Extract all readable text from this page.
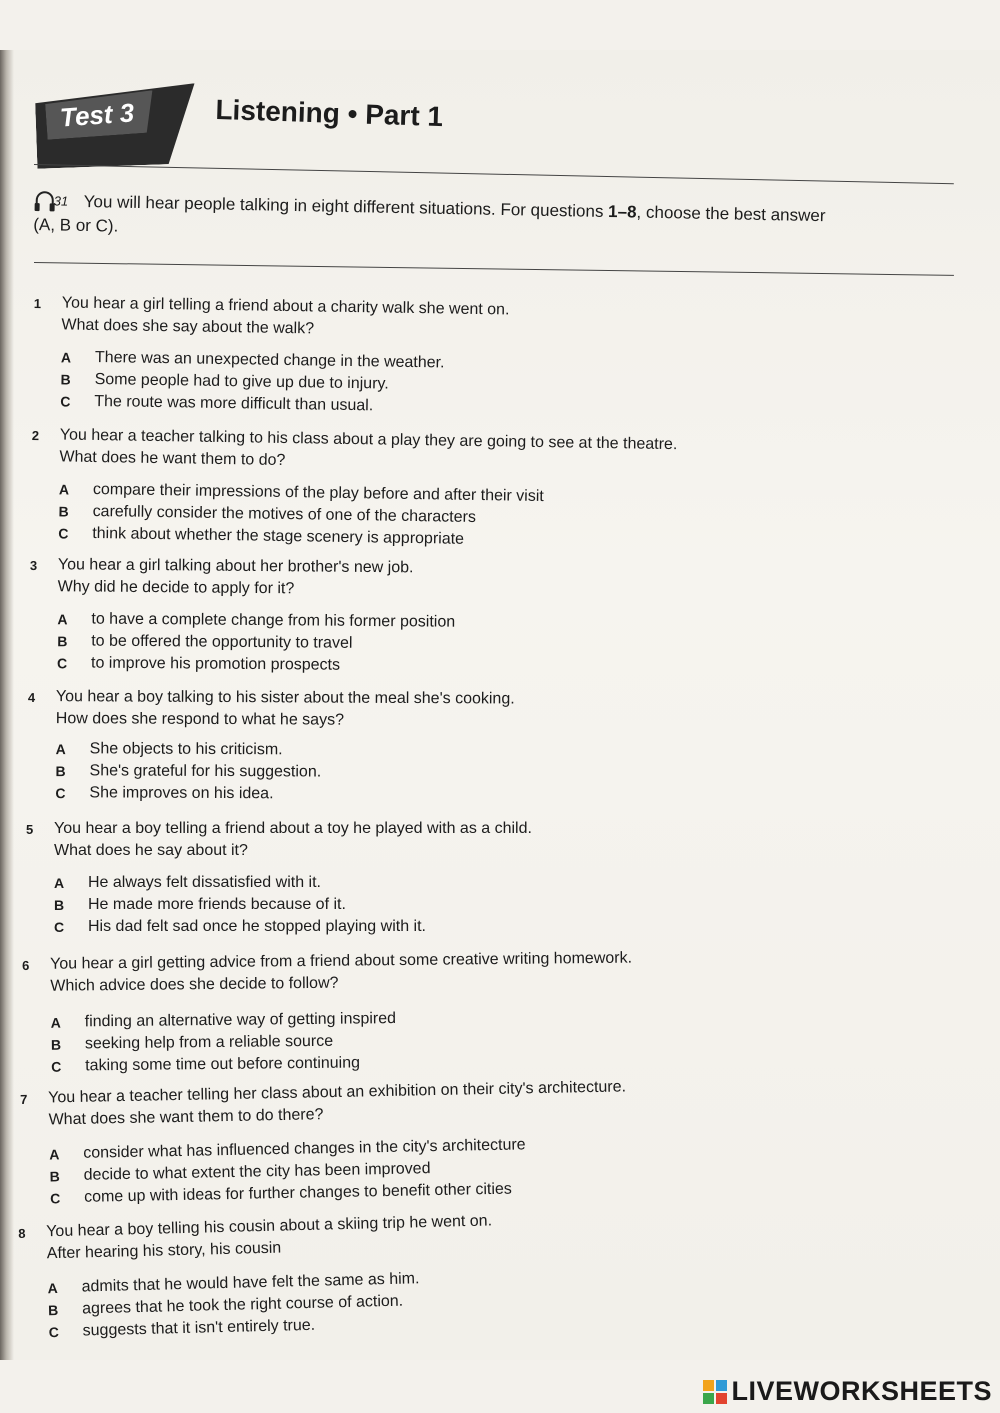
Test 3	Listening • Part 1
31 You will hear people talking in eight different situations. For questions 1–8, choose the best answer
(A, B or C).
1 You hear a girl telling a friend about a charity walk she went on.
What does she say about the walk?
A	There was an unexpected change in the weather.
B	Some people had to give up due to injury.
C	The route was more difficult than usual.
2 You hear a teacher talking to his class about a play they are going to see at the theatre.
What does he want them to do?
A	compare their impressions of the play before and after their visit
B	carefully consider the motives of one of the characters
C	think about whether the stage scenery is appropriate
3 You hear a girl talking about her brother's new job.
Why did he decide to apply for it?
A	to have a complete change from his former position
B	to be offered the opportunity to travel
C	to improve his promotion prospects
4 You hear a boy talking to his sister about the meal she's cooking.
How does she respond to what he says?
A	She objects to his criticism.
B	She's grateful for his suggestion.
C	She improves on his idea.
5 You hear a boy telling a friend about a toy he played with as a child.
What does he say about it?
A	He always felt dissatisfied with it.
B	He made more friends because of it.
C	His dad felt sad once he stopped playing with it.
6 You hear a girl getting advice from a friend about some creative writing homework.
Which advice does she decide to follow?
A	finding an alternative way of getting inspired
B	seeking help from a reliable source
C	taking some time out before continuing
7 You hear a teacher telling her class about an exhibition on their city's architecture.
What does she want them to do there?
A	consider what has influenced changes in the city's architecture
B	decide to what extent the city has been improved
C	come up with ideas for further changes to benefit other cities
8 You hear a boy telling his cousin about a skiing trip he went on.
After hearing his story, his cousin
A	admits that he would have felt the same as him.
B	agrees that he took the right course of action.
C	suggests that it isn't entirely true.
LIVEWORKSHEETS
